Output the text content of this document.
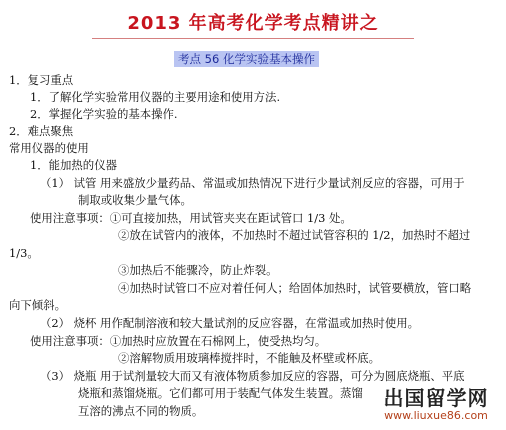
2013 年高考化学考点精讲之
考点 56 化学实验基本操作
1．复习重点
1．了解化学实验常用仪器的主要用途和使用方法.
2．掌握化学实验的基本操作.
2．难点聚焦
常用仪器的使用
1．能加热的仪器
（1） 试管 用来盛放少量药品、常温或加热情况下进行少量试剂反应的容器，可用于
制取或收集少量气体。
使用注意事项：①可直接加热，用试管夹夹在距试管口 1/3 处。
②放在试管内的液体，不加热时不超过试管容积的 1/2，加热时不超过
1/3。
③加热后不能骤冷，防止炸裂。
④加热时试管口不应对着任何人；给固体加热时，试管要横放，管口略
向下倾斜。
（2） 烧杯 用作配制溶液和较大量试剂的反应容器，在常温或加热时使用。
使用注意事项：①加热时应放置在石棉网上，使受热均匀。
②溶解物质用玻璃棒搅拌时，不能触及杯壁或杯底。
（3） 烧瓶 用于试剂量较大而又有液体物质参加反应的容器，可分为圆底烧瓶、平底
烧瓶和蒸馏烧瓶。它们都可用于装配气体发生装置。蒸馏
互溶的沸点不同的物质。
出国留学网
www.liuxue86.com
